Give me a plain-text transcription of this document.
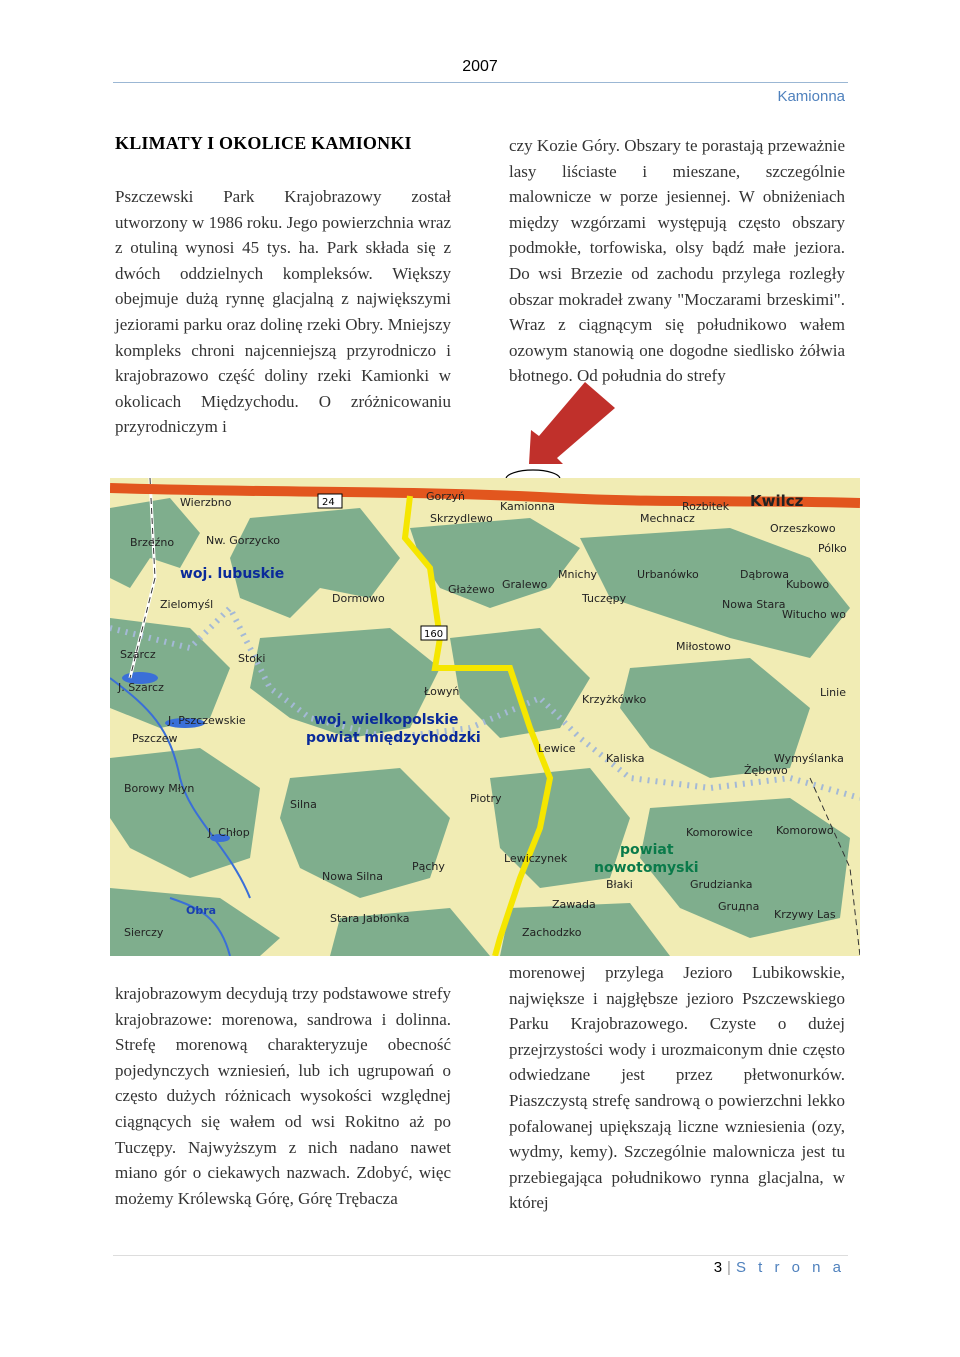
2007
Kamionna
KLIMATY I OKOLICE KAMIONKI

Pszczewski Park Krajobrazowy został utworzony w 1986 roku. Jego powierzchnia wraz z otuliną wynosi 45 tys. ha. Park składa się z dwóch oddzielnych kompleksów. Większy obejmuje dużą rynnę glacjalną z największymi jeziorami parku oraz dolinę rzeki Obry. Mniejszy kompleks chroni najcenniejszą przyrodniczo i krajobrazowo część doliny rzeki Kamionki w okolicach Międzychodu. O zróżnicowaniu przyrodniczym i

czy Kozie Góry. Obszary te porastają przeważnie lasy liściaste i mieszane, szczególnie malownicze w porze jesiennej. W obniżeniach między wzgórzami występują często obszary podmokłe, torfowiska, olsy bądź małe jeziora. Do wsi Brzezie od zachodu przylega rozległy obszar mokradeł zwany "Moczarami brzeskimi". Wraz z ciągnącym się południkowo wałem ozowym stanowią one dogodne siedlisko żółwia błotnego. Od południa do strefy

24
160
Wierzbno	Gorzyń
Skrzydlewo
Kamionna	Rozbitek Kwilcz
Mechnacz
Orzeszkowo
Brzeźno	Nw. Gorzycko
Pólko
woj. lubuskie
Dormowo
Gralewo
Mnichy	Urbanówko	Dąbrowa
Kubowo
Zielomyśl
Głażewo
Tuczępy	Nowa Stara
Witucho wo
Szarcz	Stoki
Miłostowo
J. Szarcz	Łowyń
Krzyżkówko
Linie
J. Pszczewskie	woj. wielkopolskie
powiat międzychodzki
Pszczew
Lewice
Kaliska	Wymyślanka
Żębowo
Borowy Młyn
Silna	Piotry
J. Chłop	Komorowice Komorowo
powiat
nowotomyski
Pąchy
Lewiczynek
Nowa Silna
Błaki	Grudzianka
Obra	Zawada	Gruдna
Stara Jabłonka	Krzywy Las
Sierczy	Zachodzko

krajobrazowym decydują trzy podstawowe strefy krajobrazowe: morenowa, sandrowa i dolinna. Strefę morenową charakteryzuje obecność pojedynczych wzniesień, lub ich ugrupowań o często dużych różnicach wysokości względnej ciągnących się wałem od wsi Rokitno aż po Tuczępy. Najwyższym z nich nadano nawet miano gór o ciekawych nazwach. Zdobyć, więc możemy Królewską Górę, Górę Trębacza

morenowej przylega Jezioro Lubikowskie, największe i najgłębsze jezioro Pszczewskiego Parku Krajobrazowego. Czyste o dużej przejrzystości wody i urozmaiconym dnie często odwiedzane jest przez płetwonurków. Piaszczystą strefę sandrową o powierzchni lekko pofalowanej upiększają liczne wzniesienia (ozy, wydmy, kemy). Szczególnie malownicza jest tu przebiegająca południkowo rynna glacjalna, w której

3 | S t r o n a
